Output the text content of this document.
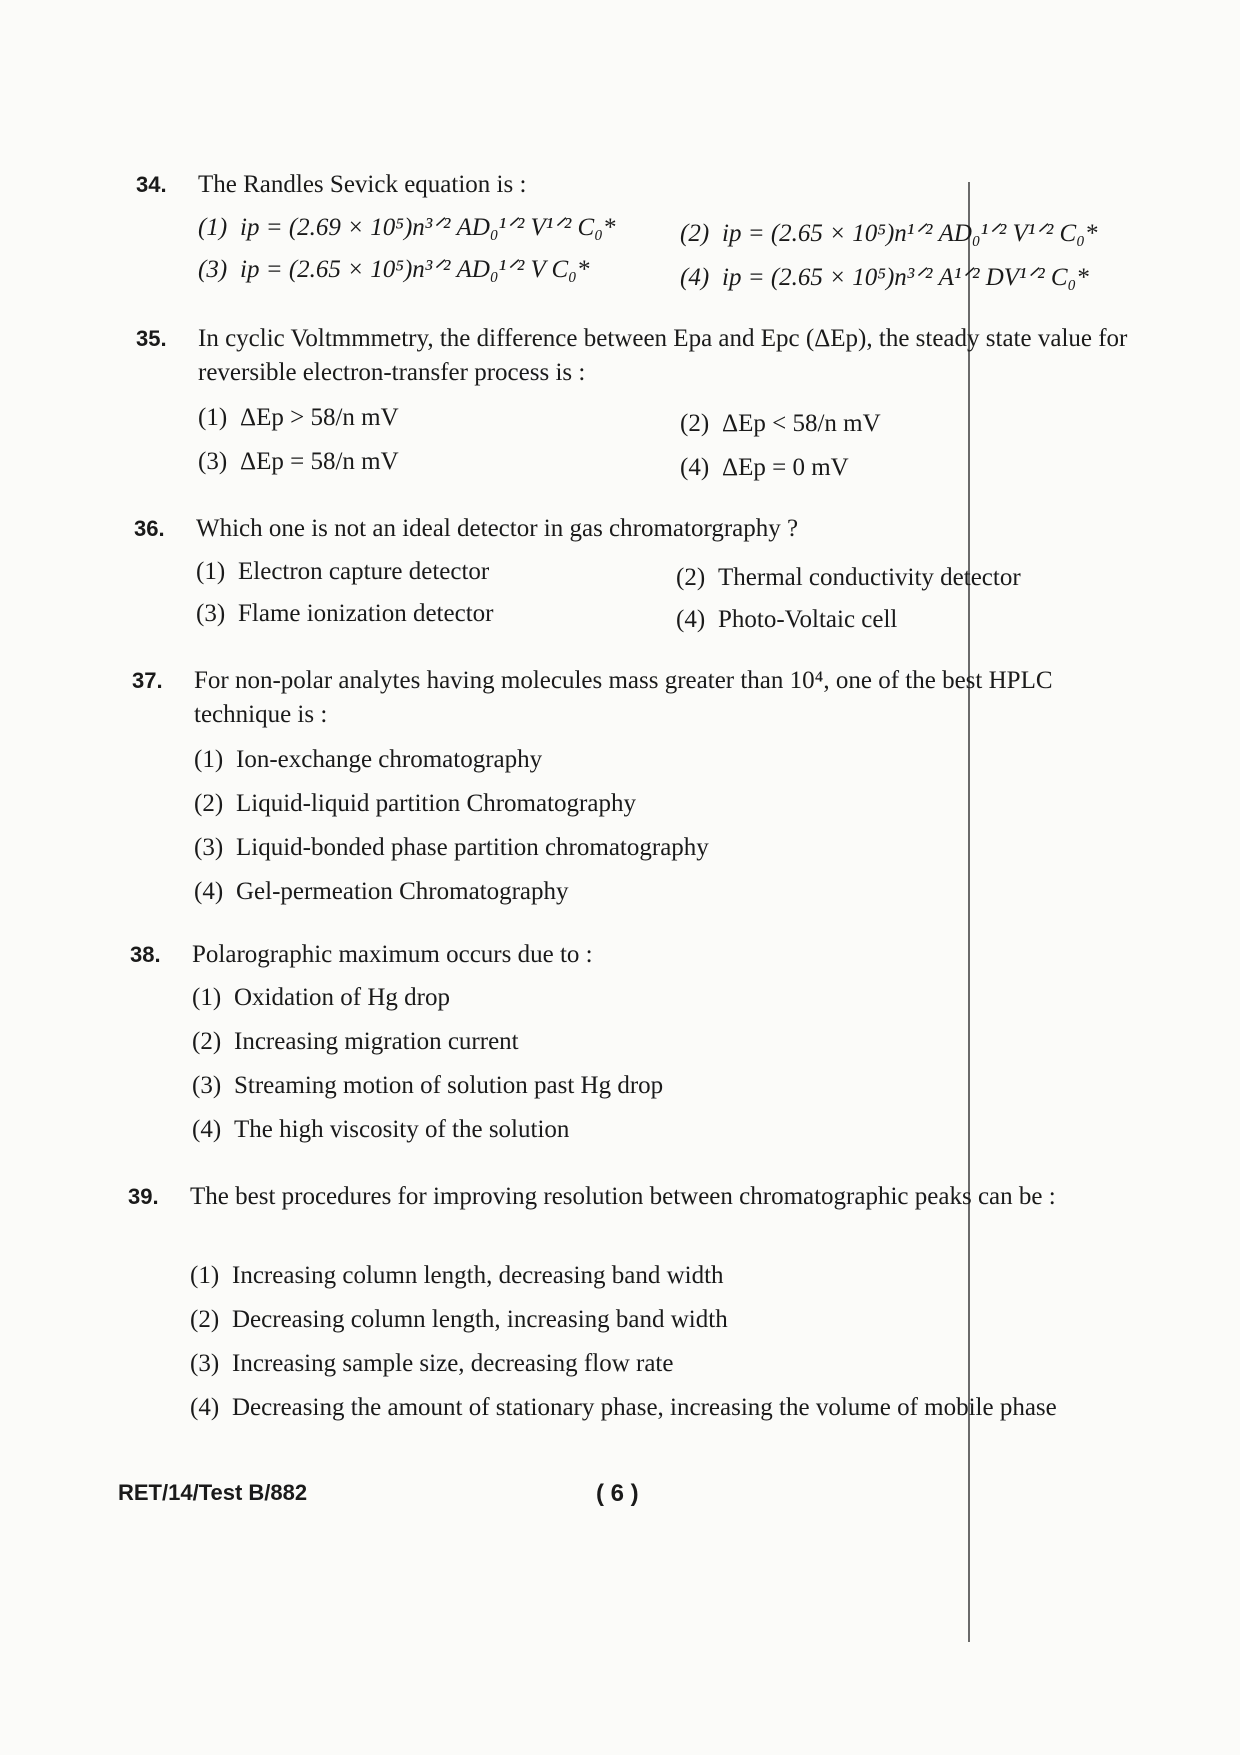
34. The Randles Sevick equation is :
(1) ip = (2.69 × 10⁵)n³ᐟ² AD₀¹ᐟ² V¹ᐟ² C₀*	(2) ip = (2.65 × 10⁵)n¹ᐟ² AD₀¹ᐟ² V¹ᐟ² C₀*
(3) ip = (2.65 × 10⁵)n³ᐟ² AD₀¹ᐟ² V C₀*	(4) ip = (2.65 × 10⁵)n³ᐟ² A¹ᐟ² DV¹ᐟ² C₀*
35. In cyclic Voltmmmetry, the difference between Epa and Epc (ΔEp), the steady state value for reversible electron-transfer process is :
(1) ΔEp > 58/n mV	(2) ΔEp < 58/n mV
(3) ΔEp = 58/n mV	(4) ΔEp = 0 mV
36. Which one is not an ideal detector in gas chromatorgraphy ?
(1) Electron capture detector	(2) Thermal conductivity detector
(3) Flame ionization detector	(4) Photo-Voltaic cell
37. For non-polar analytes having molecules mass greater than 10⁴, one of the best HPLC technique is :
(1) Ion-exchange chromatography
(2) Liquid-liquid partition Chromatography
(3) Liquid-bonded phase partition chromatography
(4) Gel-permeation Chromatography
38. Polarographic maximum occurs due to :
(1) Oxidation of Hg drop
(2) Increasing migration current
(3) Streaming motion of solution past Hg drop
(4) The high viscosity of the solution
39. The best procedures for improving resolution between chromatographic peaks can be :
(1) Increasing column length, decreasing band width
(2) Decreasing column length, increasing band width
(3) Increasing sample size, decreasing flow rate
(4) Decreasing the amount of stationary phase, increasing the volume of mobile phase
RET/14/Test B/882	( 6 )
